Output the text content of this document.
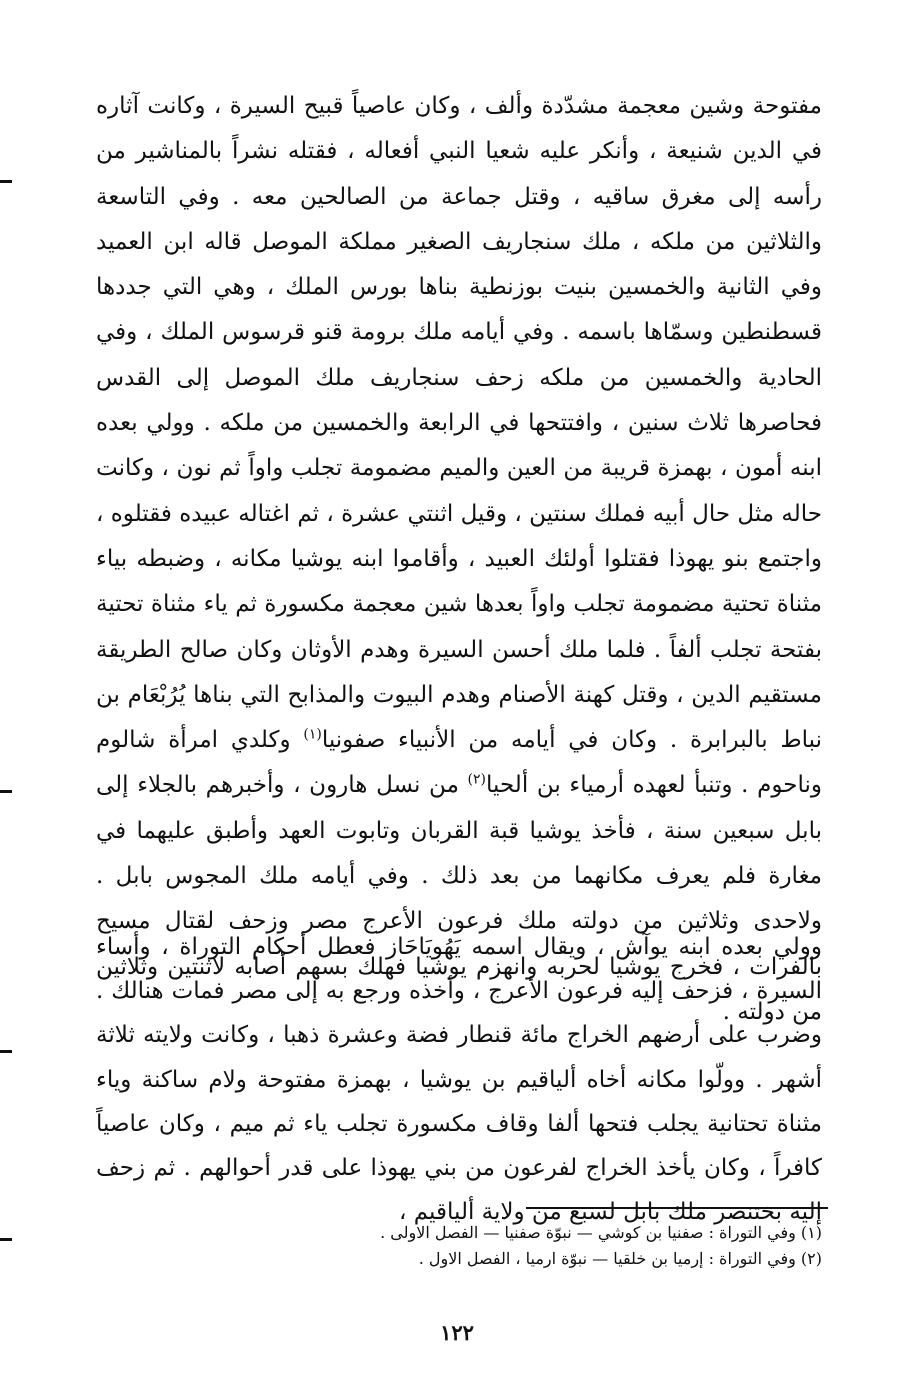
مفتوحة وشين معجمة مشدّدة وألف ، وكان عاصياً قبيح السيرة ، وكانت آثاره في الدين شنيعة ، وأنكر عليه شعيا النبي أفعاله ، فقتله نشراً بالمناشير من رأسه إلى مغرق ساقيه ، وقتل جماعة من الصالحين معه . وفي التاسعة والثلاثين من ملكه ، ملك سنجاريف الصغير مملكة الموصل قاله ابن العميد وفي الثانية والخمسين بنيت بوزنطية بناها بورس الملك ، وهي التي جددها قسطنطين وسمّاها باسمه . وفي أيامه ملك برومة قنو قرسوس الملك ، وفي الحادية والخمسين من ملكه زحف سنجاريف ملك الموصل إلى القدس فحاصرها ثلاث سنين ، وافتتحها في الرابعة والخمسين من ملكه . وولي بعده ابنه أمون ، بهمزة قريبة من العين والميم مضمومة تجلب واواً ثم نون ، وكانت حاله مثل حال أبيه فملك سنتين ، وقيل اثنتي عشرة ، ثم اغتاله عبيده فقتلوه ، واجتمع بنو يهوذا فقتلوا أولئك العبيد ، وأقاموا ابنه يوشيا مكانه ، وضبطه بياء مثناة تحتية مضمومة تجلب واواً بعدها شين معجمة مكسورة ثم ياء مثناة تحتية بفتحة تجلب ألفاً . فلما ملك أحسن السيرة وهدم الأوثان وكان صالح الطريقة مستقيم الدين ، وقتل كهنة الأصنام وهدم البيوت والمذابح التي بناها يُرُبْعَام بن نباط بالبرابرة . وكان في أيامه من الأنبياء صفونيا$^{(١)}$ وكلدي امرأة شالوم وناحوم . وتنبأ لعهده أرمياء بن ألحيا$^{(٢)}$ من نسل هارون ، وأخبرهم بالجلاء إلى بابل سبعين سنة ، فأخذ يوشيا قبة القربان وتابوت العهد وأطبق عليهما في مغارة فلم يعرف مكانهما من بعد ذلك . وفي أيامه ملك المجوس بابل . ولاحدى وثلاثين من دولته ملك فرعون الأعرج مصر وزحف لقتال مسيح بالفرات ، فخرج يوشيا لحربه وانهزم يوشيا فهلك بسهم أصابه لاثنتين وثلاثين من دولته .

وولي بعده ابنه يوآش ، ويقال اسمه يَهُويَاحَاز فعطل أحكام التوراة ، وأساء السيرة ، فزحف إليه فرعون الأعرج ، وأخذه ورجع به إلى مصر فمات هنالك . وضرب على أرضهم الخراج مائة قنطار فضة وعشرة ذهبا ، وكانت ولايته ثلاثة أشهر . وولّوا مكانه أخاه ألياقيم بن يوشيا ، بهمزة مفتوحة ولام ساكنة وياء مثناة تحتانية يجلب فتحها ألفا وقاف مكسورة تجلب ياء ثم ميم ، وكان عاصياً كافراً ، وكان يأخذ الخراج لفرعون من بني يهوذا على قدر أحوالهم . ثم زحف إليه بختنصر ملك بابل لسبع من ولاية ألياقيم ،

(١) وفي التوراة : صفنيا بن كوشي — نبوّة صفنيا — الفصل الاولى .

(٢) وفي التوراة : إرميا بن خلقيا — نبوّة ارميا ، الفصل الاول .

١٢٢
